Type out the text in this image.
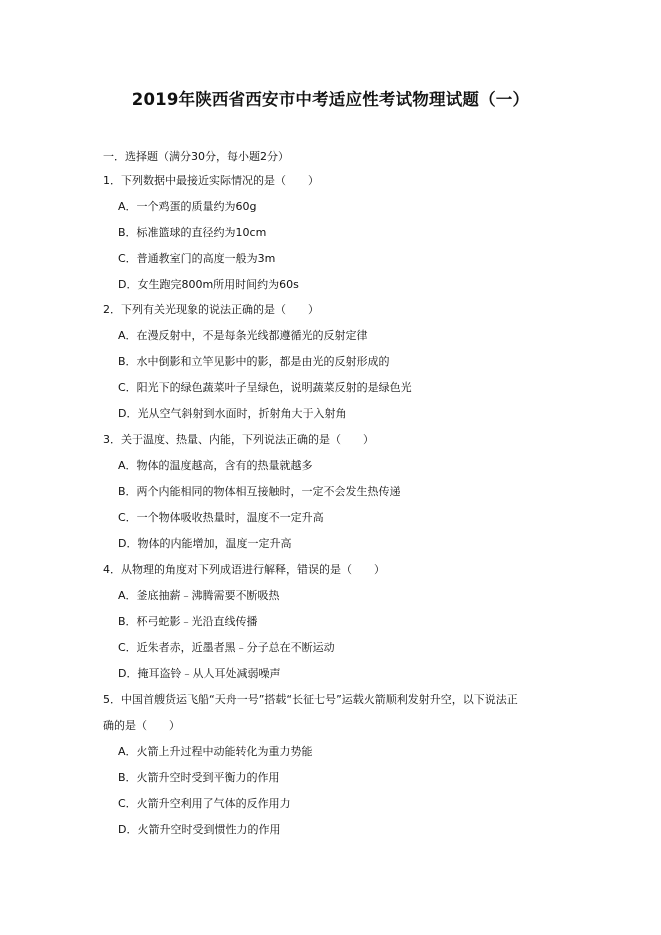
2019年陕西省西安市中考适应性考试物理试题（一）
一．选择题（满分30分，每小题2分）
1．下列数据中最接近实际情况的是（　　）
A．一个鸡蛋的质量约为60g
B．标准篮球的直径约为10cm
C．普通教室门的高度一般为3m
D．女生跑完800m所用时间约为60s
2．下列有关光现象的说法正确的是（　　）
A．在漫反射中，不是每条光线都遵循光的反射定律
B．水中倒影和立竿见影中的影，都是由光的反射形成的
C．阳光下的绿色蔬菜叶子呈绿色，说明蔬菜反射的是绿色光
D．光从空气斜射到水面时，折射角大于入射角
3．关于温度、热量、内能，下列说法正确的是（　　）
A．物体的温度越高，含有的热量就越多
B．两个内能相同的物体相互接触时，一定不会发生热传递
C．一个物体吸收热量时，温度不一定升高
D．物体的内能增加，温度一定升高
4．从物理的角度对下列成语进行解释，错误的是（　　）
A．釜底抽薪﹣沸腾需要不断吸热
B．杯弓蛇影﹣光沿直线传播
C．近朱者赤，近墨者黑﹣分子总在不断运动
D．掩耳盗铃﹣从人耳处减弱噪声
5．中国首艘货运飞船“天舟一号”搭载“长征七号”运载火箭顺利发射升空，以下说法正
确的是（　　）
A．火箭上升过程中动能转化为重力势能
B．火箭升空时受到平衡力的作用
C．火箭升空利用了气体的反作用力
D．火箭升空时受到惯性力的作用
